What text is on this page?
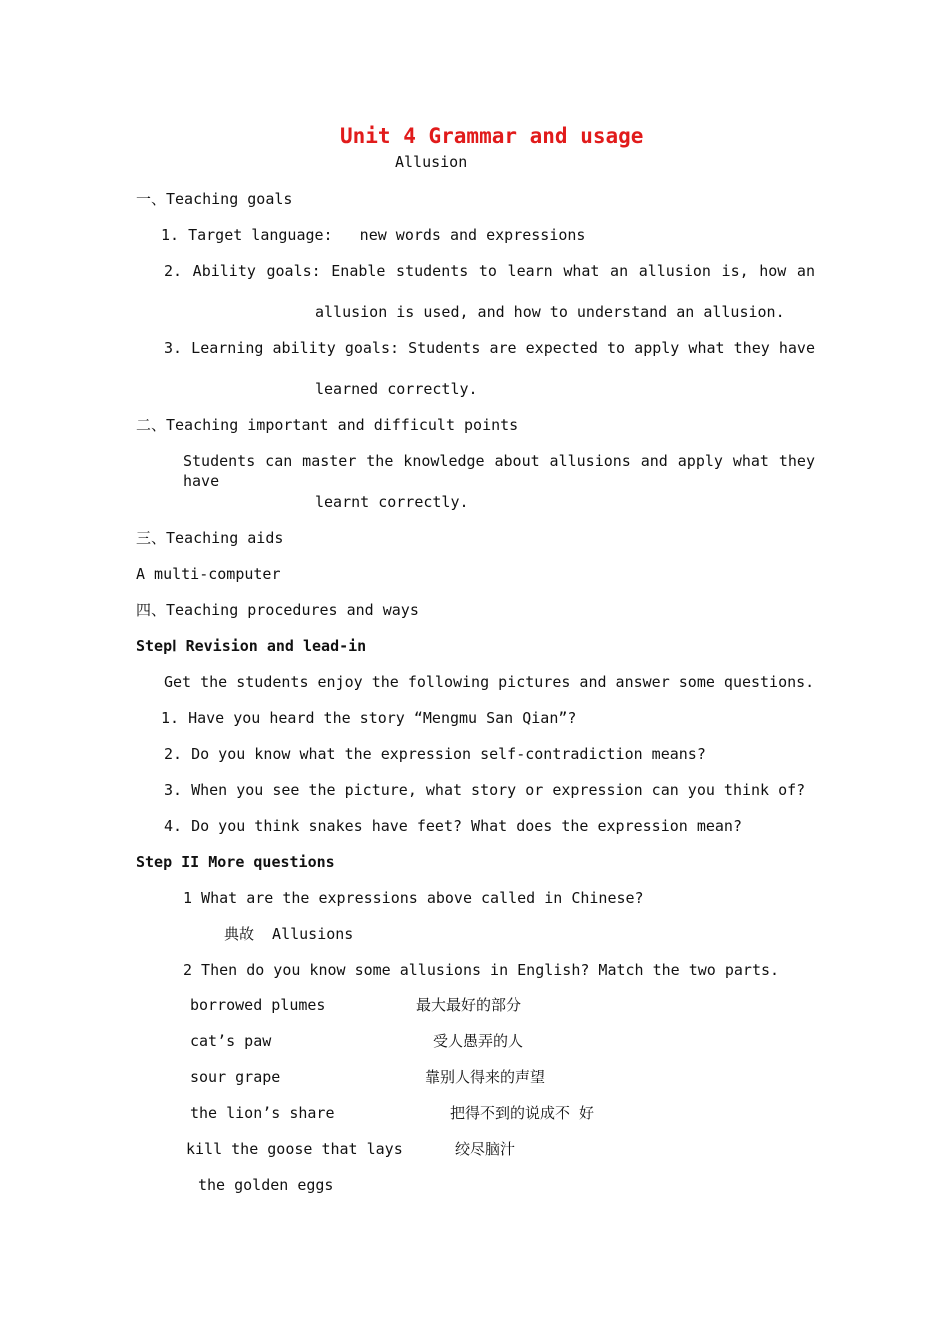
Unit 4 Grammar and usage
Allusion
一、Teaching goals
1. Target language:   new words and expressions
2. Ability goals: Enable students to learn what an allusion is, how an
allusion is used, and how to understand an allusion.
3. Learning ability goals: Students are expected to apply what they have
learned correctly.
二、Teaching important and difficult points
Students can master the knowledge about allusions and apply what they have
learnt correctly.
三、Teaching aids
A multi-computer
四、Teaching procedures and ways
StepⅠ Revision and lead-in
Get the students enjoy the following pictures and answer some questions.
1. Have you heard the story “Mengmu San Qian”?
2. Do you know what the expression self-contradiction means?
3. When you see the picture, what story or expression can you think of?
4. Do you think snakes have feet? What does the expression mean?
Step II More questions
1 What are the expressions above called in Chinese?
典故  Allusions
2 Then do you know some allusions in English? Match the two parts.
borrowed plumes	最大最好的部分
cat’s paw	受人愚弄的人
sour grape	靠别人得来的声望
the lion’s share	把得不到的说成不 好
kill the goose that lays	绞尽脑汁
the golden eggs
